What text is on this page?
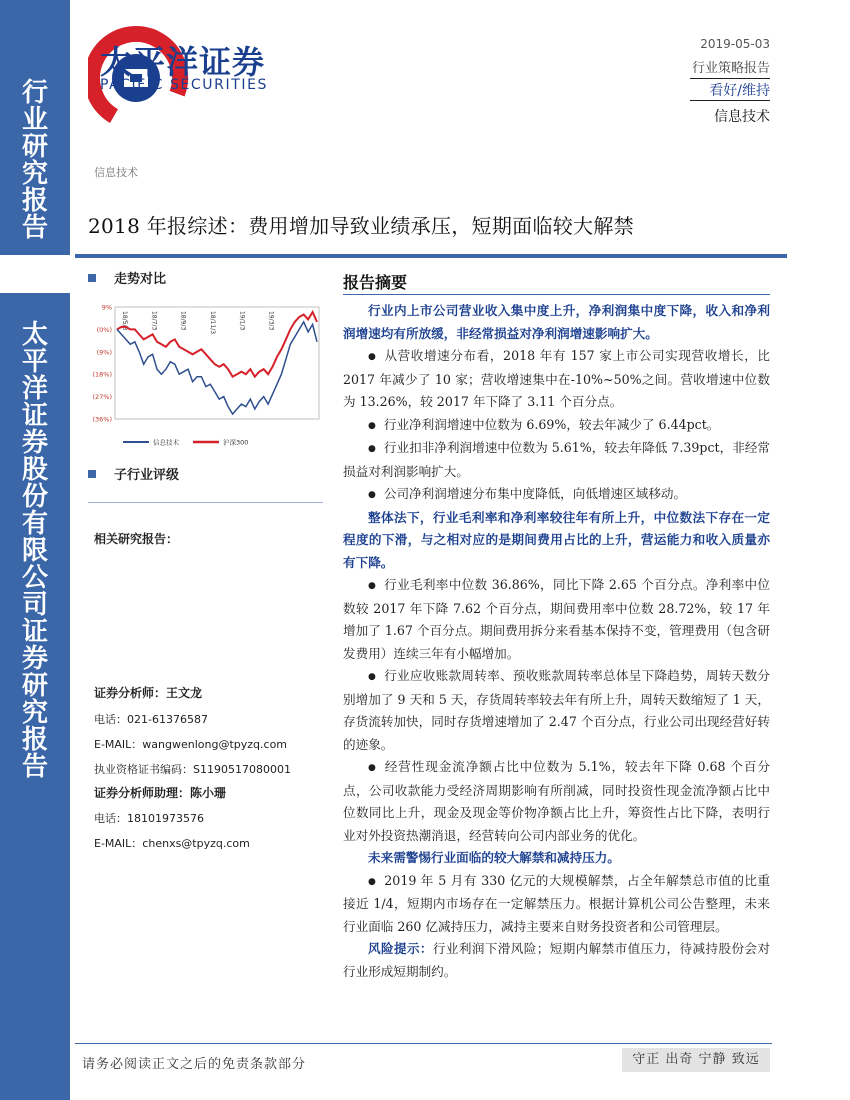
行业研究报告
太平洋证券股份有限公司证券研究报告
太平洋证券
PACIFIC SECURITIES
2019-05-03
行业策略报告
看好/维持
信息技术
信息技术
2018 年报综述：费用增加导致业绩承压，短期面临较大解禁
走势对比
9%
(0%)
(9%)
(18%)
(27%)
(36%)
18/5/3	18/7/3	18/9/3	18/11/3	19/1/3	19/3/3
信息技术	沪深300
子行业评级
相关研究报告：
证券分析师：王文龙
电话：021-61376587
E-MAIL：wangwenlong@tpyzq.com
执业资格证书编码：S1190517080001
证券分析师助理：陈小珊
电话：18101973576
E-MAIL：chenxs@tpyzq.com
报告摘要

行业内上市公司营业收入集中度上升，净利润集中度下降，收入和净利润增速均有所放缓，非经常损益对净利润增速影响扩大。

● 从营收增速分布看，2018 年有 157 家上市公司实现营收增长，比 2017 年减少了 10 家；营收增速集中在-10%~50%之间。营收增速中位数为 13.26%，较 2017 年下降了 3.11 个百分点。

● 行业净利润增速中位数为 6.69%，较去年减少了 6.44pct。

● 行业扣非净利润增速中位数为 5.61%，较去年降低 7.39pct，非经常损益对利润影响扩大。

● 公司净利润增速分布集中度降低，向低增速区域移动。

整体法下，行业毛利率和净利率较往年有所上升，中位数法下存在一定程度的下滑，与之相对应的是期间费用占比的上升，营运能力和收入质量亦有下降。

● 行业毛利率中位数 36.86%，同比下降 2.65 个百分点。净利率中位数较 2017 年下降 7.62 个百分点，期间费用率中位数 28.72%，较 17 年增加了 1.67 个百分点。期间费用拆分来看基本保持不变，管理费用（包含研发费用）连续三年有小幅增加。

● 行业应收账款周转率、预收账款周转率总体呈下降趋势，周转天数分别增加了 9 天和 5 天，存货周转率较去年有所上升，周转天数缩短了 1 天，存货流转加快，同时存货增速增加了 2.47 个百分点，行业公司出现经营好转的迹象。

● 经营性现金流净额占比中位数为 5.1%，较去年下降 0.68 个百分点，公司收款能力受经济周期影响有所削减，同时投资性现金流净额占比中位数同比上升，现金及现金等价物净额占比上升，筹资性占比下降，表明行业对外投资热潮消退，经营转向公司内部业务的优化。

未来需警惕行业面临的较大解禁和减持压力。

● 2019 年 5 月有 330 亿元的大规模解禁，占全年解禁总市值的比重接近 1/4，短期内市场存在一定解禁压力。根据计算机公司公告整理，未来行业面临 260 亿减持压力，减持主要来自财务投资者和公司管理层。

风险提示：行业利润下滑风险；短期内解禁市值压力，待减持股份会对行业形成短期制约。

请务必阅读正文之后的免责条款部分	守正 出奇 宁静 致远
